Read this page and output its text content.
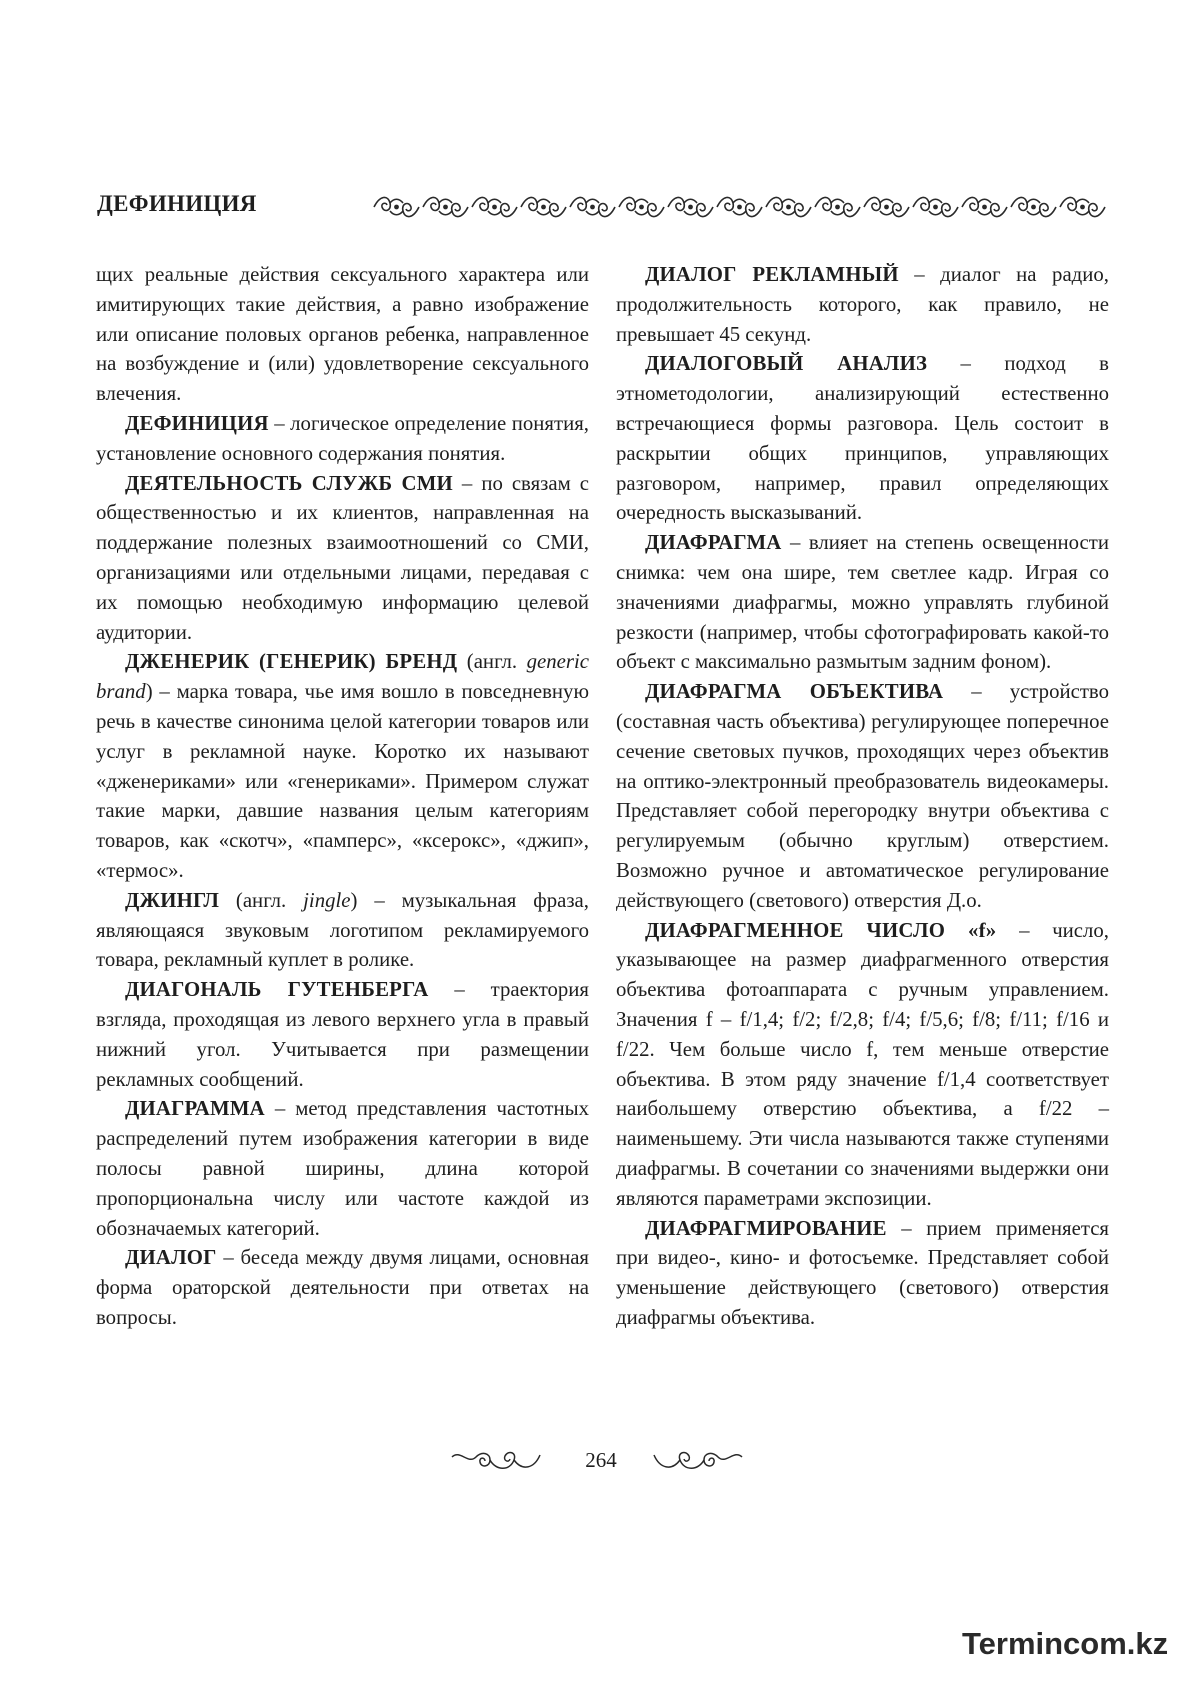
ДЕФИНИЦИЯ

щих реальные действия сексуального характера или имитирующих такие действия, а равно изображение или описание половых органов ребенка, направленное на возбуждение и (или) удовлетворение сексуального влечения.

ДЕФИНИЦИЯ – логическое определение понятия, установление основного содержания понятия.

ДЕЯТЕЛЬНОСТЬ СЛУЖБ СМИ – по связам с общественностью и их клиентов, направленная на поддержание полезных взаимоотношений со СМИ, организациями или отдельными лицами, передавая с их помощью необходимую информацию целевой аудитории.

ДЖЕНЕРИК (ГЕНЕРИК) БРЕНД (англ. generic brand) – марка товара, чье имя вошло в повседневную речь в качестве синонима целой категории товаров или услуг в рекламной науке. Коротко их называют «дженериками» или «генериками». Примером служат такие марки, давшие названия целым категориям товаров, как «скотч», «памперс», «ксерокс», «джип», «термос».

ДЖИНГЛ (англ. jingle) – музыкальная фраза, являющаяся звуковым логотипом рекламируемого товара, рекламный куплет в ролике.

ДИАГОНАЛЬ ГУТЕНБЕРГА – траектория взгляда, проходящая из левого верхнего угла в правый нижний угол. Учитывается при размещении рекламных сообщений.

ДИАГРАММА – метод представления частотных распределений путем изображения категории в виде полосы равной ширины, длина которой пропорциональна числу или частоте каждой из обозначаемых категорий.

ДИАЛОГ – беседа между двумя лицами, основная форма ораторской деятельности при ответах на вопросы.

ДИАЛОГ РЕКЛАМНЫЙ – диалог на радио, продолжительность которого, как правило, не превышает 45 секунд.

ДИАЛОГОВЫЙ АНАЛИЗ – подход в этнометодологии, анализирующий естественно встречающиеся формы разговора. Цель состоит в раскрытии общих принципов, управляющих разговором, например, правил определяющих очередность высказываний.

ДИАФРАГМА – влияет на степень освещенности снимка: чем она шире, тем светлее кадр. Играя со значениями диафрагмы, можно управлять глубиной резкости (например, чтобы сфотографировать какой-то объект с максимально размытым задним фоном).

ДИАФРАГМА ОБЪЕКТИВА – устройство (составная часть объектива) регулирующее поперечное сечение световых пучков, проходящих через объектив на оптико-электронный преобразователь видеокамеры. Представляет собой перегородку внутри объектива с регулируемым (обычно круглым) отверстием. Возможно ручное и автоматическое регулирование действующего (светового) отверстия Д.о.

ДИАФРАГМЕННОЕ ЧИСЛО «f» – число, указывающее на размер диафрагменного отверстия объектива фотоаппарата с ручным управлением. Значения f – f/1,4; f/2; f/2,8; f/4; f/5,6; f/8; f/11; f/16 и f/22. Чем больше число f, тем меньше отверстие объектива. В этом ряду значение f/1,4 соответствует наибольшему отверстию объектива, а f/22 – наименьшему. Эти числа называются также ступенями диафрагмы. В сочетании со значениями выдержки они являются параметрами экспозиции.

ДИАФРАГМИРОВАНИЕ – прием применяется при видео-, кино- и фотосъемке. Представляет собой уменьшение действующего (светового) отверстия диафрагмы объектива.

264
Termincom.kz
